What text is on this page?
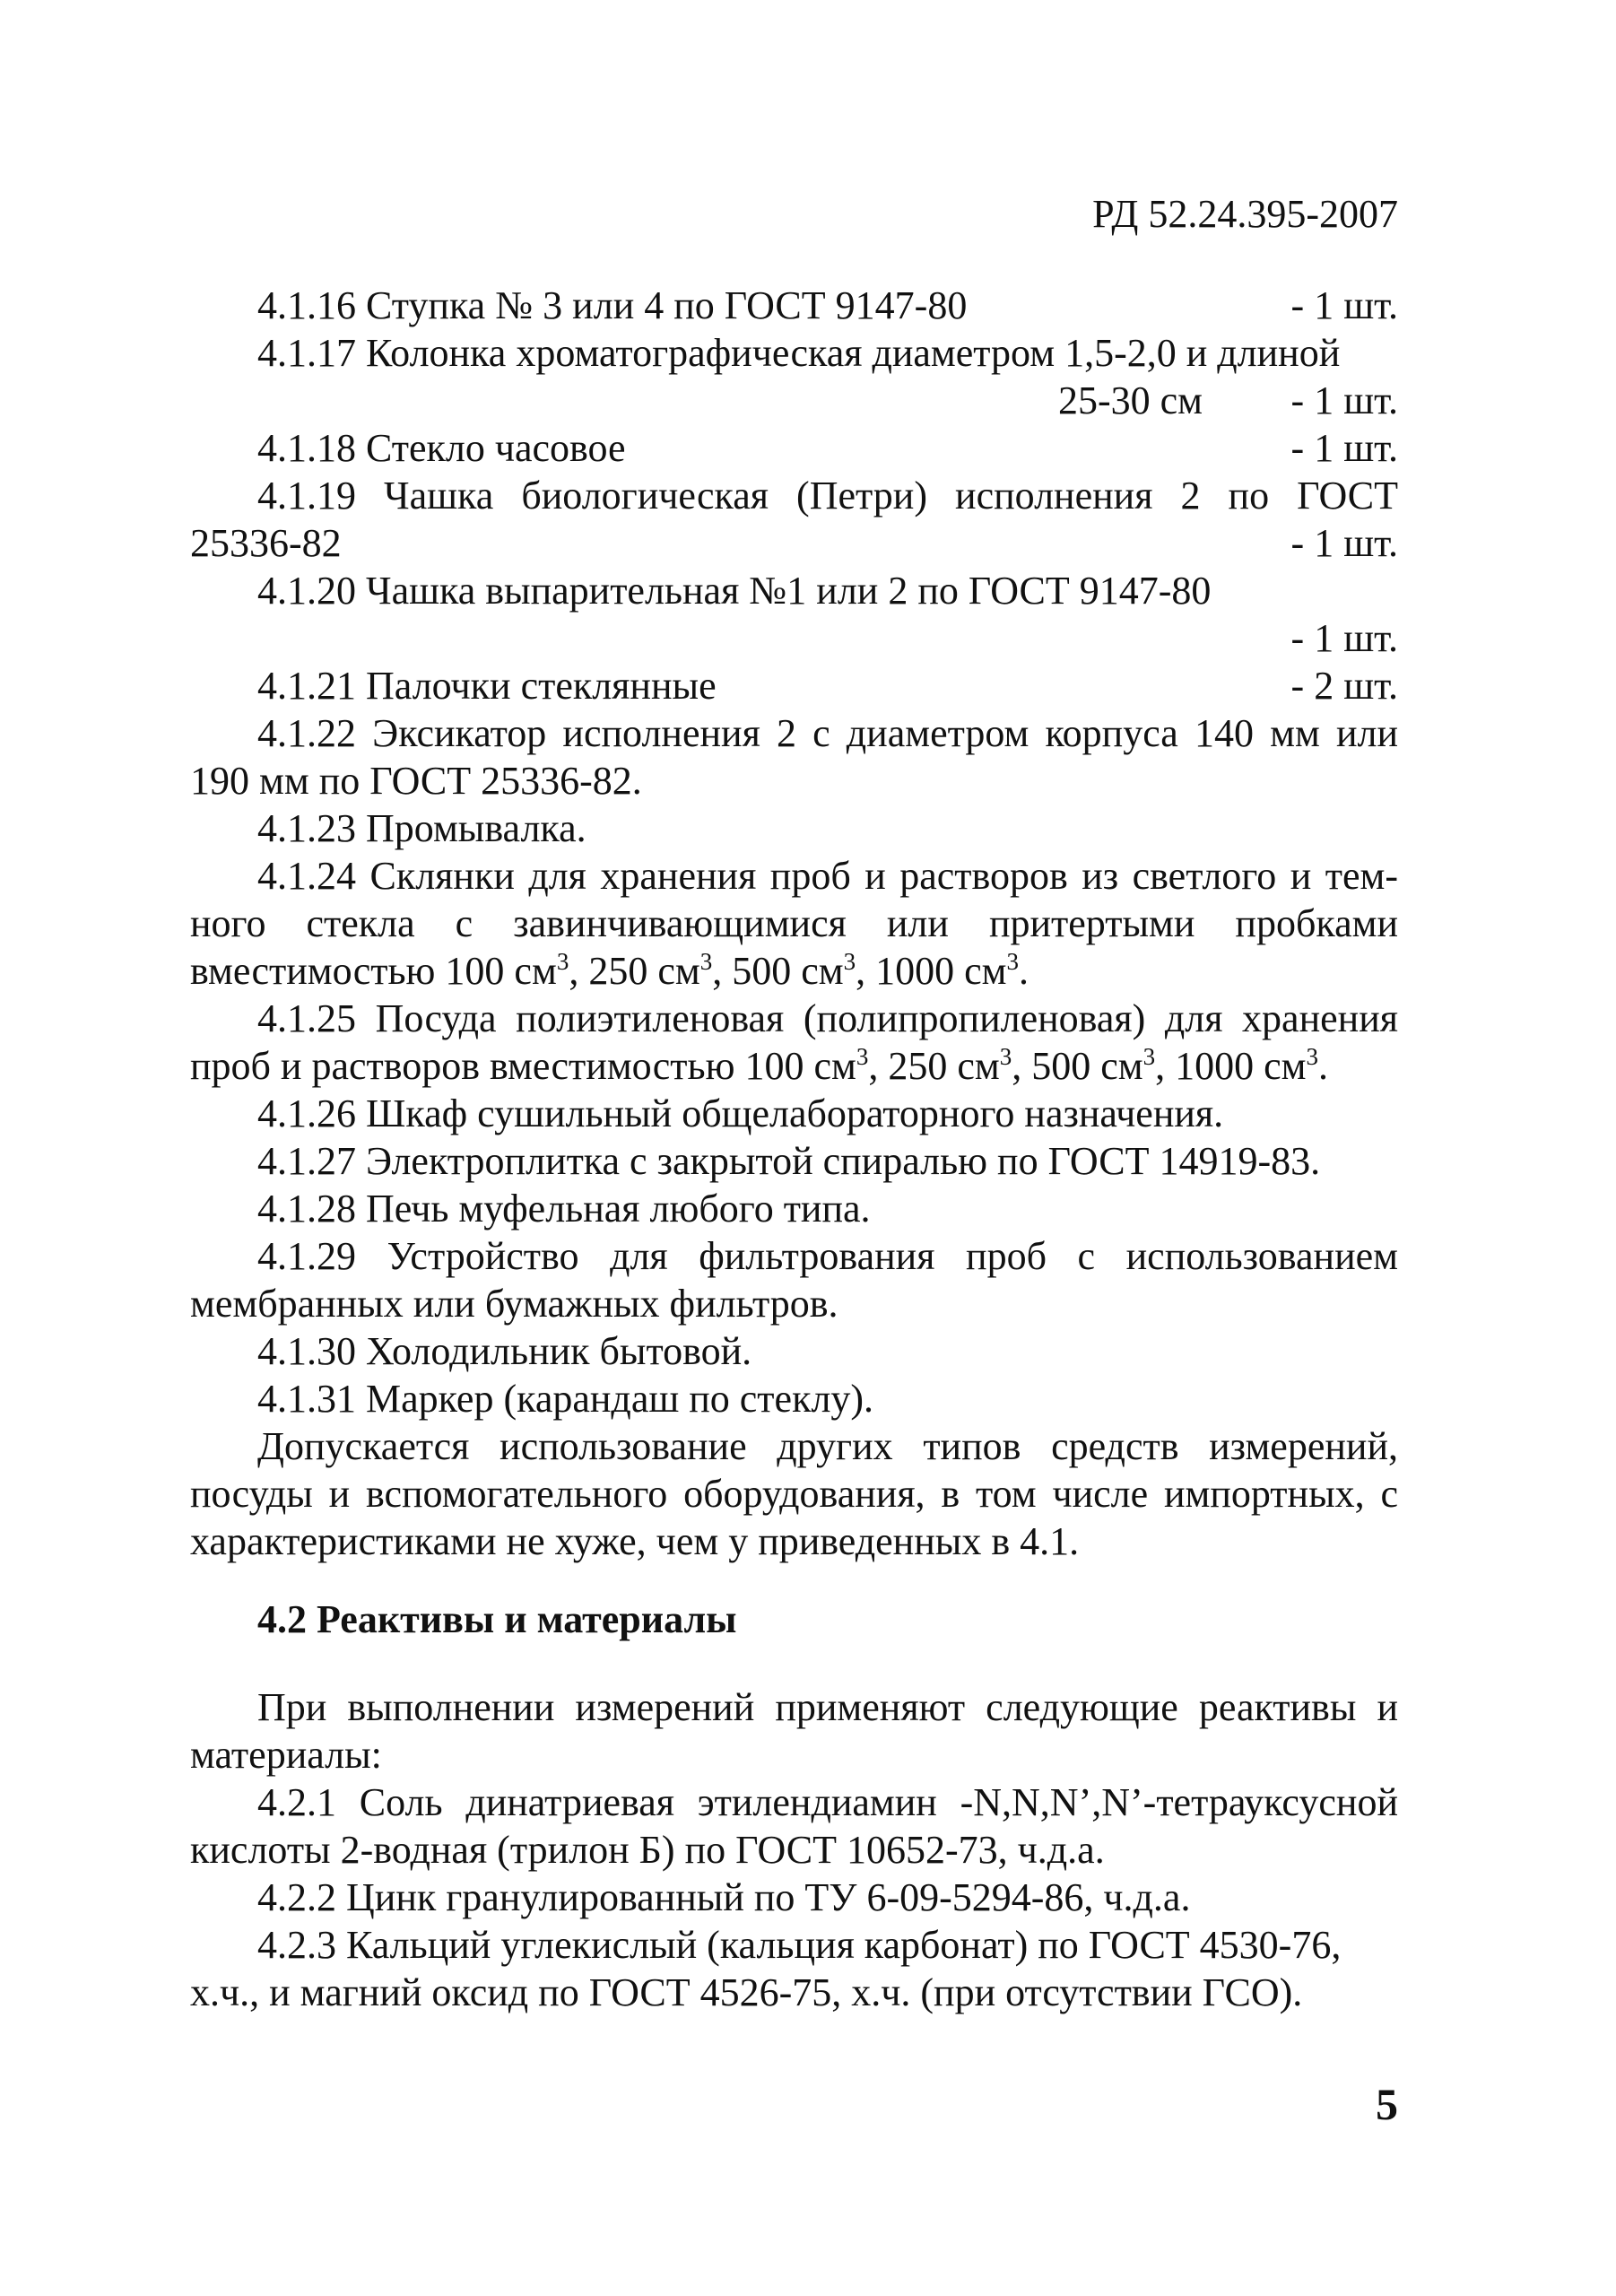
РД 52.24.395-2007
4.1.16 Ступка № 3 или 4 по ГОСТ 9147-80	- 1 шт.
4.1.17 Колонка хроматографическая диаметром 1,5-2,0 и длиной
25-30 см - 1 шт.
4.1.18 Стекло часовое	- 1 шт.
4.1.19 Чашка биологическая (Петри) исполнения 2 по ГОСТ
25336-82	- 1 шт.
4.1.20 Чашка выпарительная №1 или 2 по ГОСТ 9147-80
- 1 шт.
4.1.21 Палочки стеклянные	- 2 шт.
4.1.22 Эксикатор исполнения 2 с диаметром корпуса 140 мм или
190 мм по ГОСТ 25336-82.
4.1.23 Промывалка.
4.1.24 Склянки для хранения проб и растворов из светлого и тем-
ного стекла с завинчивающимися или притертыми пробками
вместимостью 100 $см^3$, 250 $см^3$, 500 $см^3$, 1000 $см^3$.
4.1.25 Посуда полиэтиленовая (полипропиленовая) для хранения
проб и растворов вместимостью 100 $см^3$, 250 $см^3$, 500 $см^3$, 1000 $см^3$.
4.1.26 Шкаф сушильный общелабораторного назначения.
4.1.27 Электроплитка с закрытой спиралью по ГОСТ 14919-83.
4.1.28 Печь муфельная любого типа.
4.1.29 Устройство для фильтрования проб с использованием
мембранных или бумажных фильтров.
4.1.30 Холодильник бытовой.
4.1.31 Маркер (карандаш по стеклу).
Допускается использование других типов средств измерений,
посуды и вспомогательного оборудования, в том числе импортных, с
характеристиками не хуже, чем у приведенных в 4.1.
4.2 Реактивы и материалы
При выполнении измерений применяют следующие реактивы и
материалы:
4.2.1 Соль динатриевая этилендиамин -N,N,N’,N’-тетрауксусной
кислоты 2-водная (трилон Б) по ГОСТ 10652-73, ч.д.а.
4.2.2 Цинк гранулированный по ТУ 6-09-5294-86, ч.д.а.
4.2.3 Кальций углекислый (кальция карбонат) по ГОСТ 4530-76,
х.ч., и магний оксид по ГОСТ 4526-75, х.ч. (при отсутствии ГСО).
5
